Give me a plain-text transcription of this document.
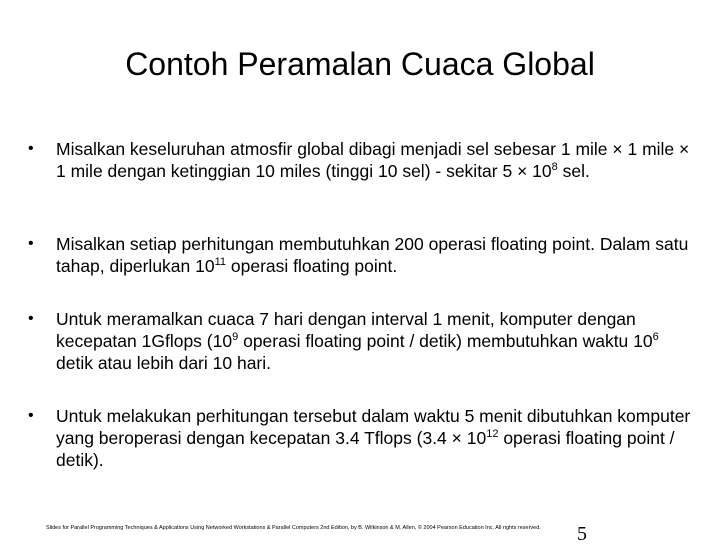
Contoh Peramalan Cuaca Global
•	Misalkan keseluruhan atmosfir global dibagi menjadi sel sebesar 1 mile × 1 mile × 1 mile dengan ketinggian 10 miles (tinggi 10 sel) - sekitar $5 \times 10^8$ sel.
•	Misalkan setiap perhitungan membutuhkan 200 operasi floating point. Dalam satu tahap, diperlukan $10^{11}$ operasi floating point.
•	Untuk meramalkan cuaca 7 hari dengan interval 1 menit, komputer dengan kecepatan 1Gflops ($10^9$ operasi floating point / detik) membutuhkan waktu $10^6$ detik atau lebih dari 10 hari.
•	Untuk melakukan perhitungan tersebut dalam waktu 5 menit dibutuhkan komputer yang beroperasi dengan kecepatan 3.4 Tflops ($3.4 \times 10^{12}$ operasi floating point / detik).
Slides for Parallel Programming Techniques & Applications Using Networked Workstations & Parallel Computers 2nd Edition, by B. Wilkinson & M. Allen, © 2004 Pearson Education Inc. All rights reserved. 5
